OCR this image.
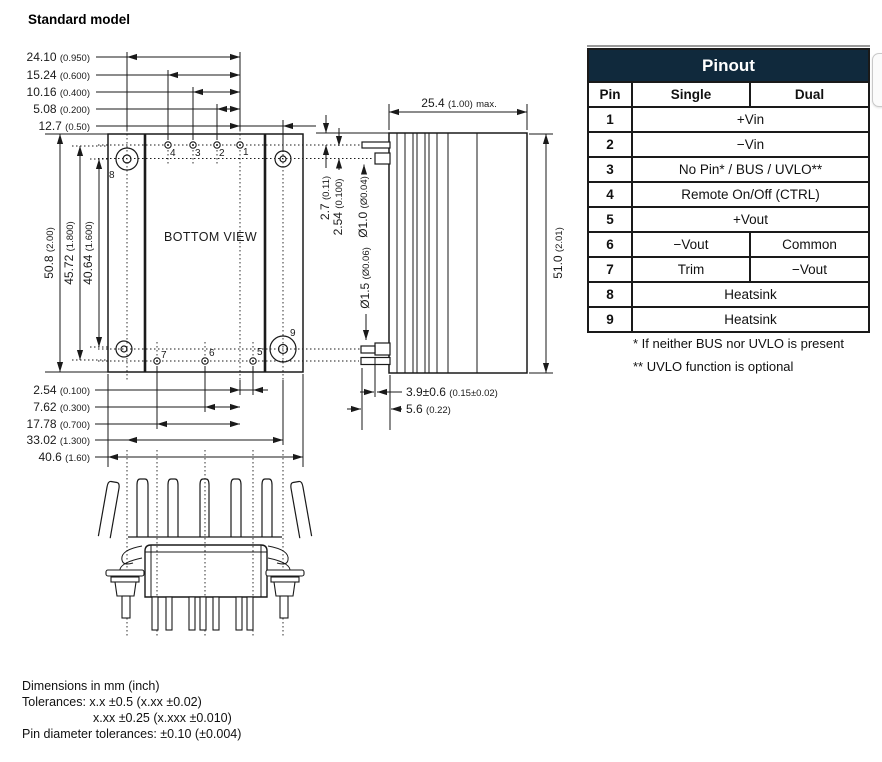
Standard model
24.10 (0.950)
15.24 (0.600)
10.16 (0.400)
5.08 (0.200)
12.7 (0.50)
50.8 (2.00)
45.72 (1.800)
40.64 (1.600)
2.54 (0.100)
7.62 (0.300)
17.78 (0.700)
33.02 (1.300)
40.6 (1.60)
BOTTOM VIEW
4 3 2 1
8
9
7	6	5
25.4 (1.00) max.
51.0 (2.01)
2.7 (0.11)
2.54 (0.100)
Ø1.0 (Ø0.04)
Ø1.5 (Ø0.06)
3.9±0.6 (0.15±0.02)
5.6 (0.22)
Pinout
Pin	Single	Dual
1	+Vin
2	−Vin
3	No Pin* / BUS / UVLO**
4	Remote On/Off (CTRL)
5	+Vout
6	−Vout	Common
7	Trim	−Vout
8	Heatsink
9	Heatsink
* If neither BUS nor UVLO is present
** UVLO function is optional
Dimensions in mm (inch)
Tolerances: x.x ±0.5 (x.xx ±0.02)
x.xx ±0.25 (x.xxx ±0.010)
Pin diameter tolerances: ±0.10 (±0.004)
